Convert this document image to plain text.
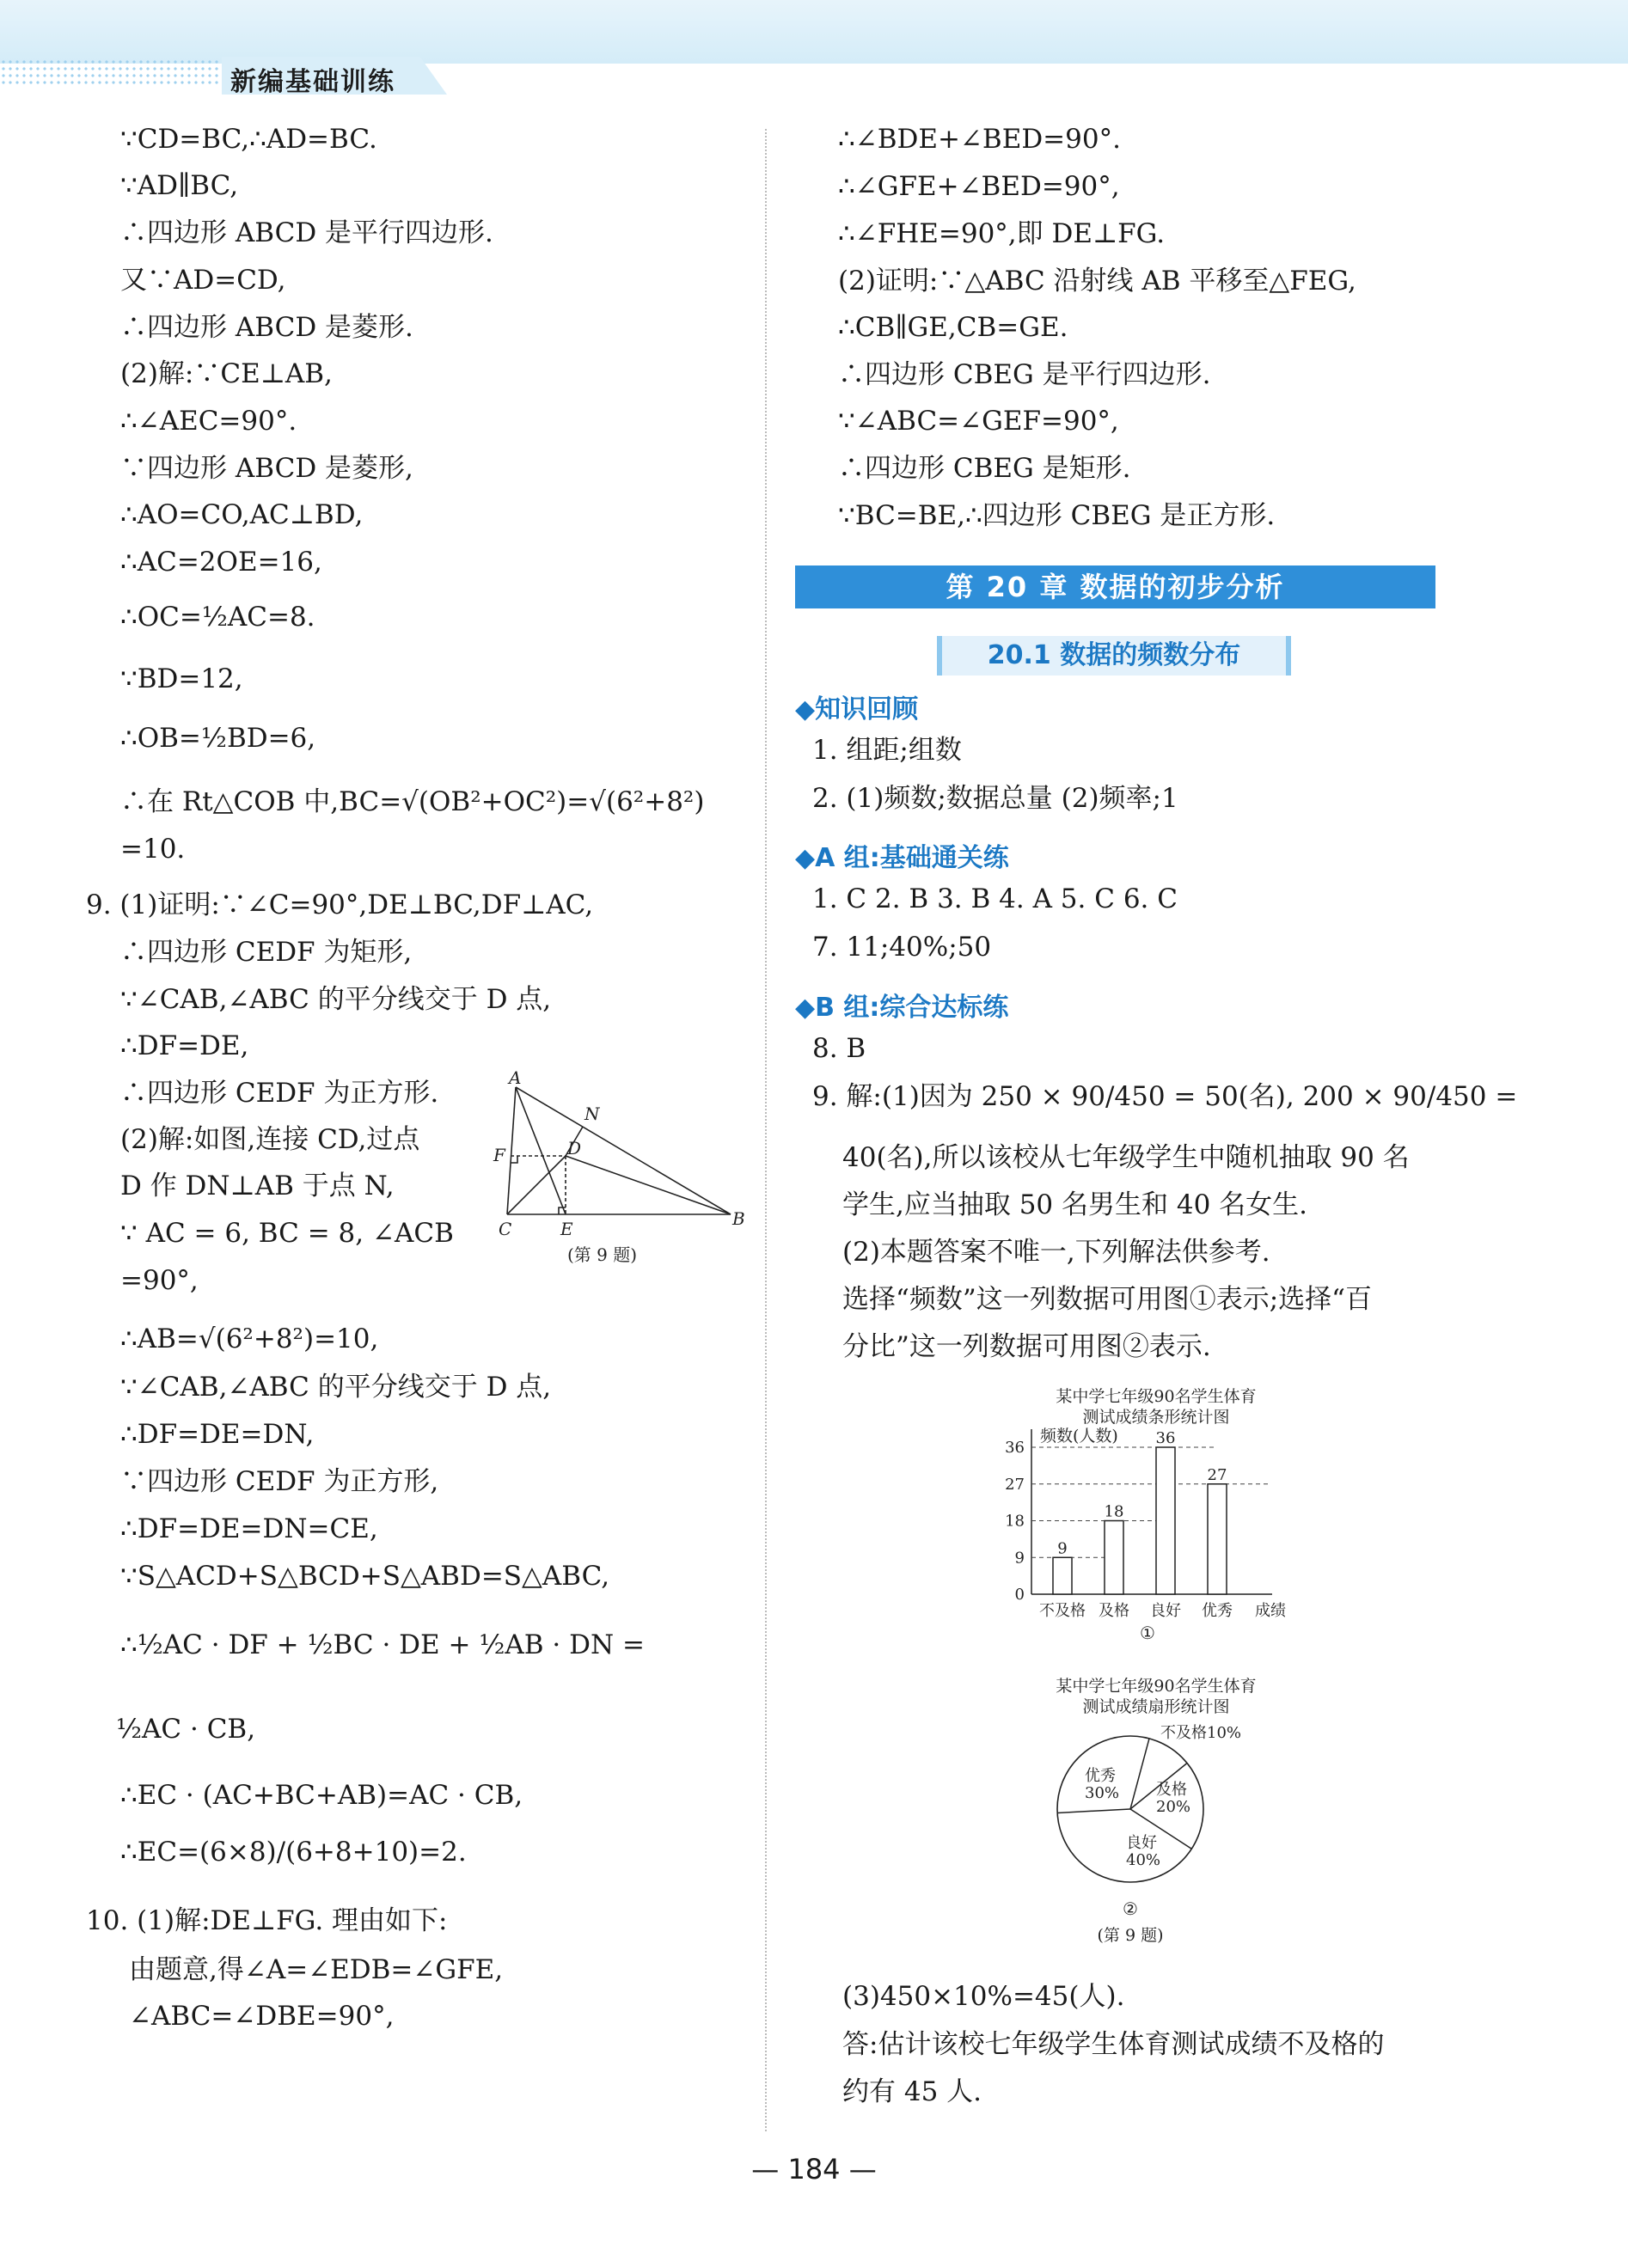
新编基础训练
∵CD=BC,∴AD=BC.
∵AD∥BC,
∴四边形 ABCD 是平行四边形.
又∵AD=CD,
∴四边形 ABCD 是菱形.
(2)解:∵CE⊥AB,
∴∠AEC=90°.
∵四边形 ABCD 是菱形,
∴AO=CO,AC⊥BD,
∴AC=2OE=16,
∴OC=½AC=8.
∵BD=12,
∴OB=½BD=6,
∴在 Rt△COB 中,BC=√(OB²+OC²)=√(6²+8²)
=10.
9. (1)证明:∵∠C=90°,DE⊥BC,DF⊥AC,
∴四边形 CEDF 为矩形,
∵∠CAB,∠ABC 的平分线交于 D 点,
∴DF=DE,
∴四边形 CEDF 为正方形.
(2)解:如图,连接 CD,过点
D 作 DN⊥AB 于点 N,
∵ AC = 6, BC = 8, ∠ACB
=90°,
∴AB=√(6²+8²)=10,
∵∠CAB,∠ABC 的平分线交于 D 点,
∴DF=DE=DN,
∵四边形 CEDF 为正方形,
∴DF=DE=DN=CE,
∵S△ACD+S△BCD+S△ABD=S△ABC,
∴½AC · DF + ½BC · DE + ½AB · DN =
½AC · CB,
∴EC · (AC+BC+AB)=AC · CB,
∴EC=(6×8)/(6+8+10)=2.
10. (1)解:DE⊥FG. 理由如下:
由题意,得∠A=∠EDB=∠GFE,
∠ABC=∠DBE=90°,
A
N
D
F
C	E	B
(第 9 题)
∴∠BDE+∠BED=90°.
∴∠GFE+∠BED=90°,
∴∠FHE=90°,即 DE⊥FG.
(2)证明:∵△ABC 沿射线 AB 平移至△FEG,
∴CB∥GE,CB=GE.
∴四边形 CBEG 是平行四边形.
∵∠ABC=∠GEF=90°,
∴四边形 CBEG 是矩形.
∵BC=BE,∴四边形 CBEG 是正方形.
第 20 章 数据的初步分析
20.1 数据的频数分布
◆知识回顾
1. 组距;组数
2. (1)频数;数据总量 (2)频率;1
◆A 组:基础通关练
1. C 2. B 3. B 4. A 5. C 6. C
7. 11;40%;50
◆B 组:综合达标练
8. B
9. 解:(1)因为 250 × 90/450 = 50(名), 200 × 90/450 =
40(名),所以该校从七年级学生中随机抽取 90 名
学生,应当抽取 50 名男生和 40 名女生.
(2)本题答案不唯一,下列解法供参考.
选择“频数”这一列数据可用图①表示;选择“百
分比”这一列数据可用图②表示.
某中学七年级90名学生体育
测试成绩条形统计图
频数(人数)
0
9
18
27
36
9
不及格
18
及格
36
良好
27
优秀 成绩
①
某中学七年级90名学生体育
测试成绩扇形统计图
不及格10%
及格
20%
良好
40%
优秀
30%
②
(第 9 题)
(3)450×10%=45(人).
答:估计该校七年级学生体育测试成绩不及格的
约有 45 人.
— 184 —
